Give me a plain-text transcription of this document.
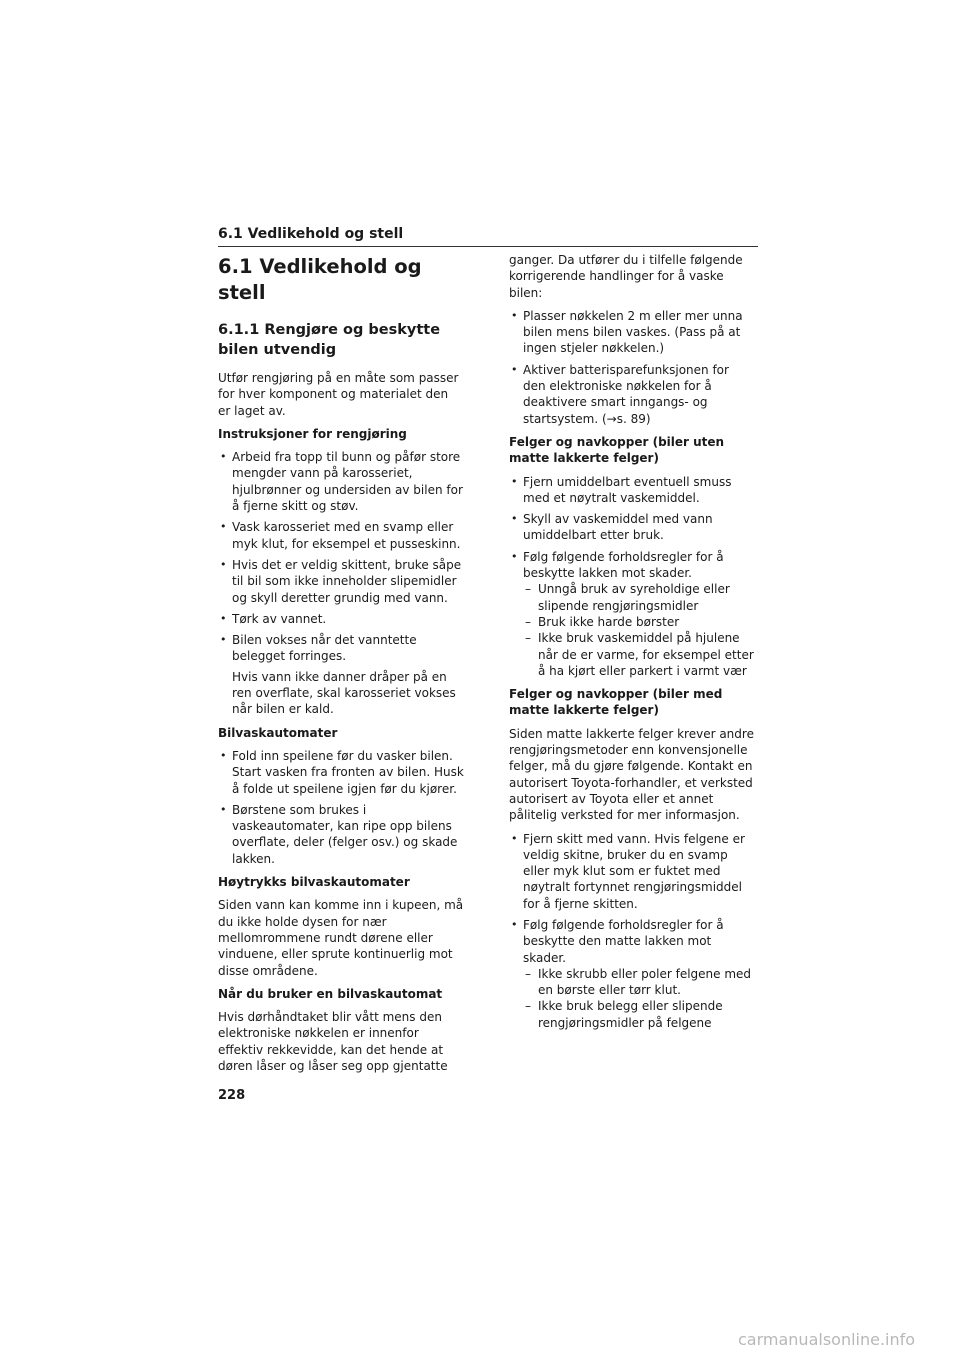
6.1 Vedlikehold og stell
6.1 Vedlikehold og stell
6.1.1 Rengjøre og beskytte bilen utvendig

Utfør rengjøring på en måte som passer for hver komponent og materialet den er laget av.

Instruksjoner for rengjøring

• Arbeid fra topp til bunn og påfør store mengder vann på karosseriet, hjulbrønner og undersiden av bilen for å fjerne skitt og støv.
• Vask karosseriet med en svamp eller myk klut, for eksempel et pusseskinn.
• Hvis det er veldig skittent, bruke såpe til bil som ikke inneholder slipemidler og skyll deretter grundig med vann.
• Tørk av vannet.
• Bilen vokses når det vanntette belegget forringes.
Hvis vann ikke danner dråper på en ren overflate, skal karosseriet vokses når bilen er kald.

Bilvaskautomater

• Fold inn speilene før du vasker bilen. Start vasken fra fronten av bilen. Husk å folde ut speilene igjen før du kjører.
• Børstene som brukes i vaskeautomater, kan ripe opp bilens overflate, deler (felger osv.) og skade lakken.

Høytrykks bilvaskautomater

Siden vann kan komme inn i kupeen, må du ikke holde dysen for nær mellomrommene rundt dørene eller vinduene, eller sprute kontinuerlig mot disse områdene.

Når du bruker en bilvaskautomat

Hvis dørhåndtaket blir vått mens den elektroniske nøkkelen er innenfor effektiv rekkevidde, kan det hende at døren låser og låser seg opp gjentatte

ganger. Da utfører du i tilfelle følgende korrigerende handlinger for å vaske bilen:

• Plasser nøkkelen 2 m eller mer unna bilen mens bilen vaskes. (Pass på at ingen stjeler nøkkelen.)
• Aktiver batterisparefunksjonen for den elektroniske nøkkelen for å deaktivere smart inngangs- og startsystem. (→s. 89)

Felger og navkopper (biler uten matte lakkerte felger)

• Fjern umiddelbart eventuell smuss med et nøytralt vaskemiddel.
• Skyll av vaskemiddel med vann umiddelbart etter bruk.
• Følg følgende forholdsregler for å beskytte lakken mot skader.
– Unngå bruk av syreholdige eller slipende rengjøringsmidler
– Bruk ikke harde børster
– Ikke bruk vaskemiddel på hjulene når de er varme, for eksempel etter å ha kjørt eller parkert i varmt vær

Felger og navkopper (biler med matte lakkerte felger)

Siden matte lakkerte felger krever andre rengjøringsmetoder enn konvensjonelle felger, må du gjøre følgende. Kontakt en autorisert Toyota-forhandler, et verksted autorisert av Toyota eller et annet pålitelig verksted for mer informasjon.

• Fjern skitt med vann. Hvis felgene er veldig skitne, bruker du en svamp eller myk klut som er fuktet med nøytralt fortynnet rengjøringsmiddel for å fjerne skitten.
• Følg følgende forholdsregler for å beskytte den matte lakken mot skader.
– Ikke skrubb eller poler felgene med en børste eller tørr klut.
– Ikke bruk belegg eller slipende rengjøringsmidler på felgene
228
carmanualsonline.info
